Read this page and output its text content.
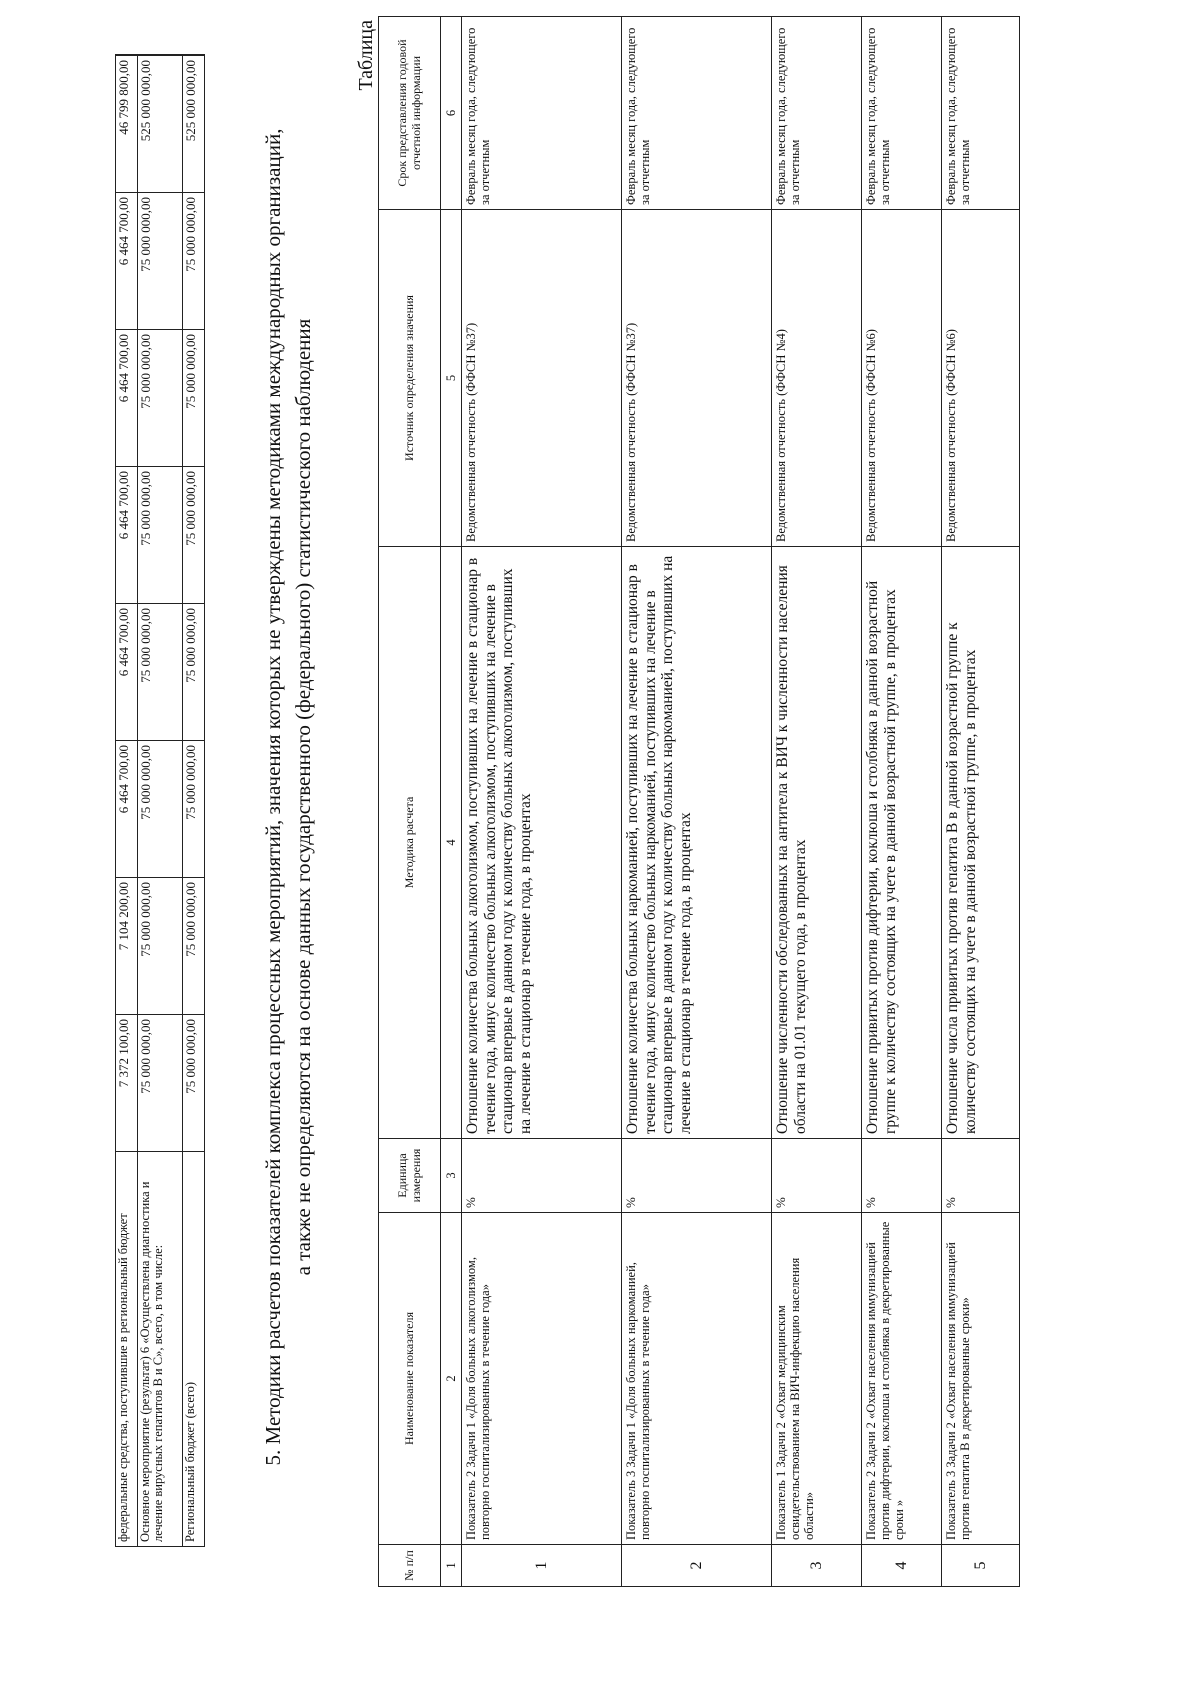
федеральные средства, поступившие в региональный бюджет	7 372 100,00	7 104 200,00	6 464 700,00	6 464 700,00	6 464 700,00	6 464 700,00	6 464 700,00	46 799 800,00
Основное мероприятие (результат) 6 «Осуществлена диагностика и лечение вирусных гепатитов В и С», всего, в том числе:	75 000 000,00	75 000 000,00	75 000 000,00	75 000 000,00	75 000 000,00	75 000 000,00	75 000 000,00	525 000 000,00
Региональный бюджет (всего)	75 000 000,00	75 000 000,00	75 000 000,00	75 000 000,00	75 000 000,00	75 000 000,00	75 000 000,00	525 000 000,00
5. Методики расчетов показателей комплекса процессных мероприятий, значения которых не утверждены методиками международных организаций, а также не определяются на основе данных государственного (федерального) статистического наблюдения
Таблица
№ п/п	Наименование показателя	Единица измерения	Методика расчета	Источник определения значения	Срок представления годовой отчетной информации
1	2	3	4	5	6
1	Показатель 2 Задачи 1 «Доля больных алкоголизмом, повторно госпитализированных в течение года»	%	Отношение количества больных алкоголизмом, поступивших на лечение в стационар в течение года, минус количество больных алкоголизмом, поступивших на лечение в стационар впервые в данном году к количеству больных алкоголизмом, поступивших на лечение в стационар в течение года, в процентах	Ведомственная отчетность (ФФСН №37)	Февраль месяц года, следующего за отчетным
2	Показатель 3 Задачи 1 «Доля больных наркоманией, повторно госпитализированных в течение года»	%	Отношение количества больных наркоманией, поступивших на лечение в стационар в течение года, минус количество больных наркоманией, поступивших на лечение в стационар впервые в данном году к количеству больных наркоманией, поступивших на лечение в стационар в течение года, в процентах	Ведомственная отчетность (ФФСН №37)	Февраль месяц года, следующего за отчетным
3	Показатель 1 Задачи 2 «Охват медицинским освидетельствованием на ВИЧ-инфекцию населения области»	%	Отношение численности обследованных на антитела к ВИЧ к численности населения области на 01.01 текущего года, в процентах	Ведомственная отчетность (ФФСН №4)	Февраль месяц года, следующего за отчетным
4	Показатель 2 Задачи 2 «Охват населения иммунизацией против дифтерии, коклюша и столбняка в декретированные сроки »	%	Отношение привитых против дифтерии, коклюша и столбняка в данной возрастной группе к количеству состоящих на учете в данной возрастной группе, в процентах	Ведомственная отчетность (ФФСН №6)	Февраль месяц года, следующего за отчетным
5	Показатель 3 Задачи 2 «Охват населения иммунизацией против гепатита В в декретированные сроки»	%	Отношение числа привитых против гепатита В в данной возрастной группе к количеству состоящих на учете в данной возрастной группе, в процентах	Ведомственная отчетность (ФФСН №6)	Февраль месяц года, следующего за отчетным
